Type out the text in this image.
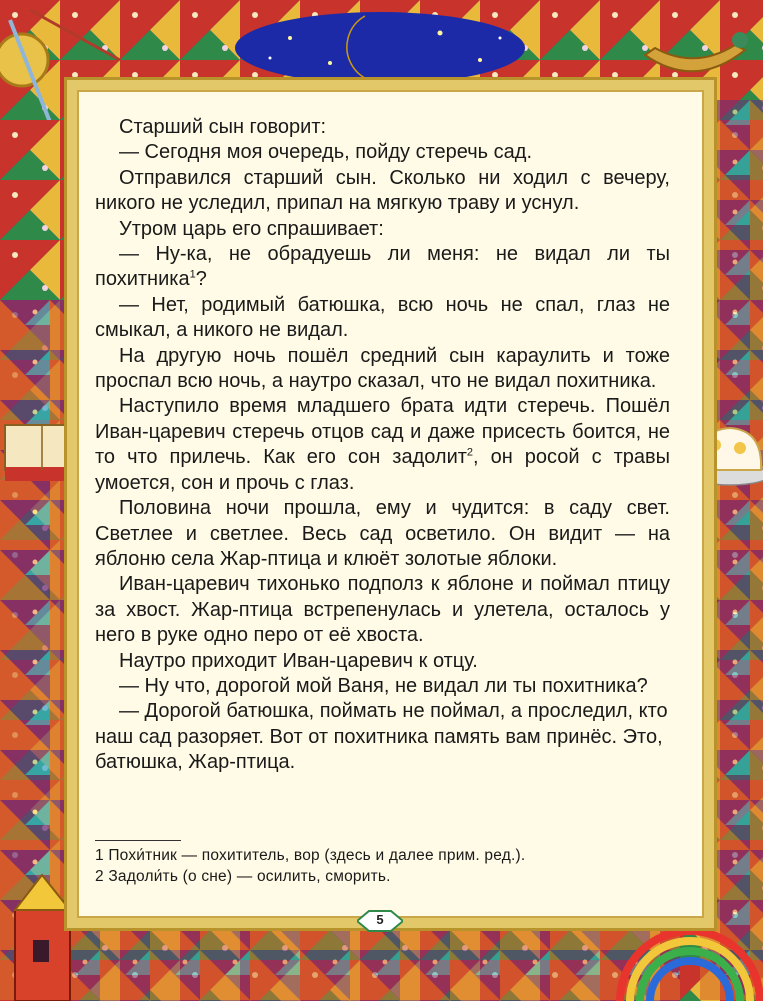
Старший сын говорит:

— Сегодня моя очередь, пойду стеречь сад.

Отправился старший сын. Сколько ни ходил с вечеру, никого не уследил, припал на мягкую траву и уснул.

Утром царь его спрашивает:

— Ну-ка, не обрадуешь ли меня: не видал ли ты похитника$^1$?

— Нет, родимый батюшка, всю ночь не спал, глаз не смыкал, а никого не видал.

На другую ночь пошёл средний сын караулить и тоже проспал всю ночь, а наутро сказал, что не видал похитника.

Наступило время младшего брата идти стеречь. Пошёл Иван-царевич стеречь отцов сад и даже присесть боится, не то что прилечь. Как его сон задолит$^2$, он росой с травы умоется, сон и прочь с глаз.

Половина ночи прошла, ему и чудится: в саду свет. Светлее и светлее. Весь сад осветило. Он видит — на яблоню села Жар-птица и клюёт золотые яблоки.

Иван-царевич тихонько подполз к яблоне и поймал птицу за хвост. Жар-птица встрепенулась и улетела, осталось у него в руке одно перо от её хвоста.

Наутро приходит Иван-царевич к отцу.

— Ну что, дорогой мой Ваня, не видал ли ты похитника?

— Дорогой батюшка, поймать не поймал, а проследил, кто наш сад разоряет. Вот от похитника память вам принёс. Это, батюшка, Жар-птица.

1 Похи́тник — похититель, вор (здесь и далее прим. ред.).
2 Задоли́ть (о сне) — осилить, сморить.
5
